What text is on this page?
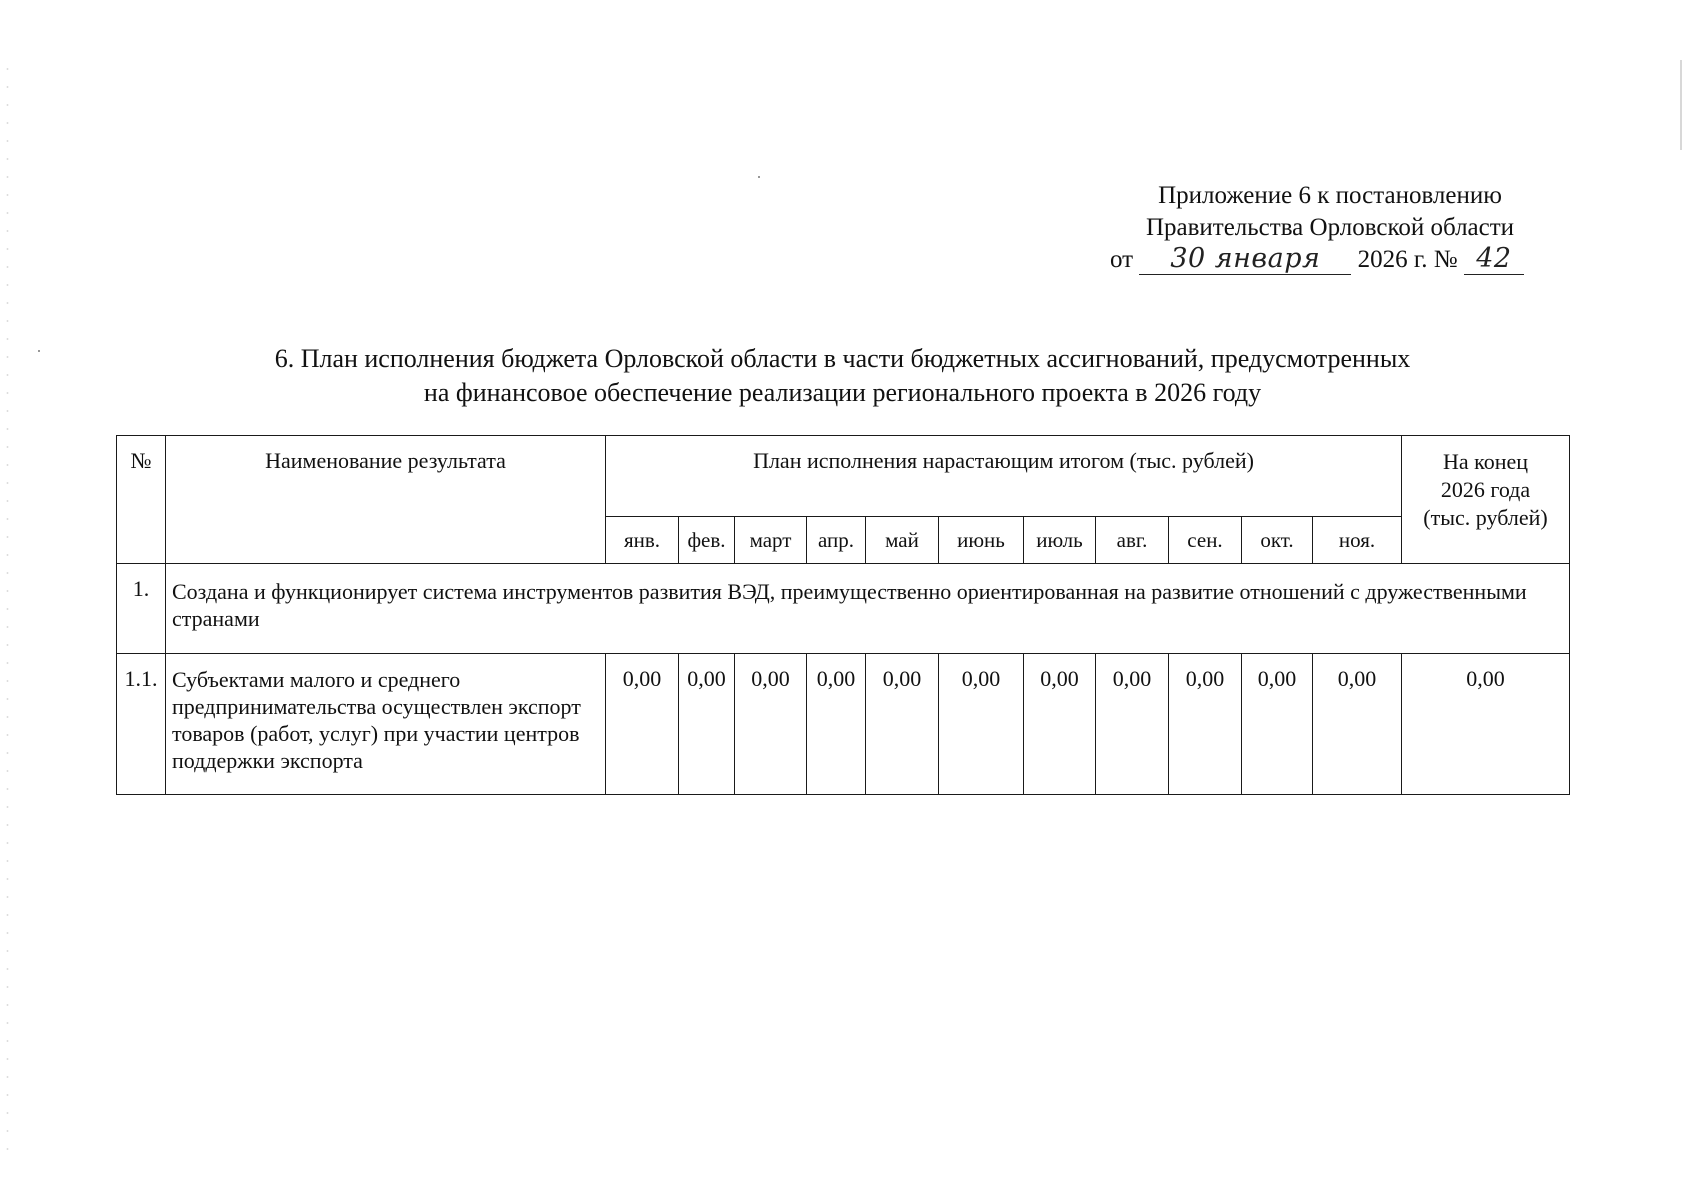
Приложение 6 к постановлению
Правительства Орловской области
от 30 января 2026 г. № 42
6. План исполнения бюджета Орловской области в части бюджетных ассигнований, предусмотренных
на финансовое обеспечение реализации регионального проекта в 2026 году
№	Наименование результата	План исполнения нарастающим итогом (тыс. рублей)											На конец
2026 года
(тыс. рублей)

		янв.	фев.	март	апр.	май	июнь	июль	авг.	сен.	окт.	ноя.	
1.	Создана и функционирует система инструментов развития ВЭД, преимущественно ориентированная на развитие отношений с дружественными странами												
1.1.	Субъектами малого и среднего предпринимательства осуществлен экспорт товаров (работ, услуг) при участии центров поддержки экспорта	0,00	0,00	0,00	0,00	0,00	0,00	0,00	0,00	0,00	0,00	0,00	0,00
